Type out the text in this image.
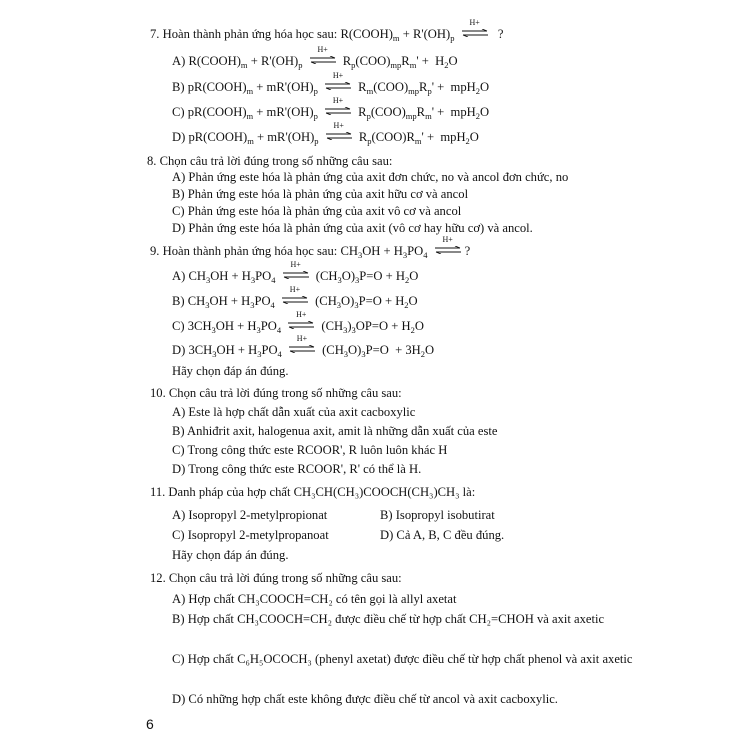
7. Hoàn thành phản ứng hóa học sau: $R(COOH)_m + R'(OH)_p$
H+
?
A) $R(COOH)_m + R'(OH)_p$
H+
$R_p(COO)_{mp}R_m' + H_2O$
B) $pR(COOH)_m + mR'(OH)_p$
H+
$R_m(COO)_{mp}R_p' + mpH_2O$
C) $pR(COOH)_m + mR'(OH)_p$
H+
$R_p(COO)_{mp}R_m' + mpH_2O$
D) $pR(COOH)_m + mR'(OH)_p$
H+
$R_p(COO)R_m' + mpH_2O$
8. Chọn câu trả lời đúng trong số những câu sau:
A) Phản ứng este hóa là phản ứng của axit đơn chức, no và ancol đơn chức, no
B) Phản ứng este hóa là phản ứng của axit hữu cơ và ancol
C) Phản ứng este hóa là phản ứng của axit vô cơ và ancol
D) Phản ứng este hóa là phản ứng của axit (vô cơ hay hữu cơ) và ancol.
9. Hoàn thành phản ứng hóa học sau: $CH_3OH + H_3PO_4$
H+
?
A) $CH_3OH + H_3PO_4$
H+
$(CH_3O)_3P=O + H_2O$
B) $CH_3OH + H_3PO_4$
H+
$(CH_3O)_3P=O + H_2O$
C) $3CH_3OH + H_3PO_4$
H+
$(CH_3)_3OP=O + H_2O$
D) $3CH_3OH + H_3PO_4$
H+
$(CH_3O)_3P=O + 3H_2O$
Hãy chọn đáp án đúng.
10. Chọn câu trả lời đúng trong số những câu sau:
A) Este là hợp chất dẫn xuất của axit cacboxylic
B) Anhiđrit axit, halogenua axit, amit là những dẫn xuất của este
C) Trong công thức este RCOOR', R luôn luôn khác H
D) Trong công thức este RCOOR', R' có thể là H.
11. Danh pháp của hợp chất CH₃CH(CH₃)COOCH(CH₃)CH₃ là:
A) Isopropyl 2-metylpropionat	B) Isopropyl isobutirat
C) Isopropyl 2-metylpropanoat	D) Cả A, B, C đều đúng.
Hãy chọn đáp án đúng.
12. Chọn câu trả lời đúng trong số những câu sau:
A) Hợp chất CH₃COOCH=CH₂ có tên gọi là allyl axetat
B) Hợp chất CH₃COOCH=CH₂ được điều chế từ hợp chất CH₂=CHOH và axit axetic
C) Hợp chất C₆H₅OCOCH₃ (phenyl axetat) được điều chế từ hợp chất phenol và axit axetic
D) Có những hợp chất este không được điều chế từ ancol và axit cacboxylic.
6
